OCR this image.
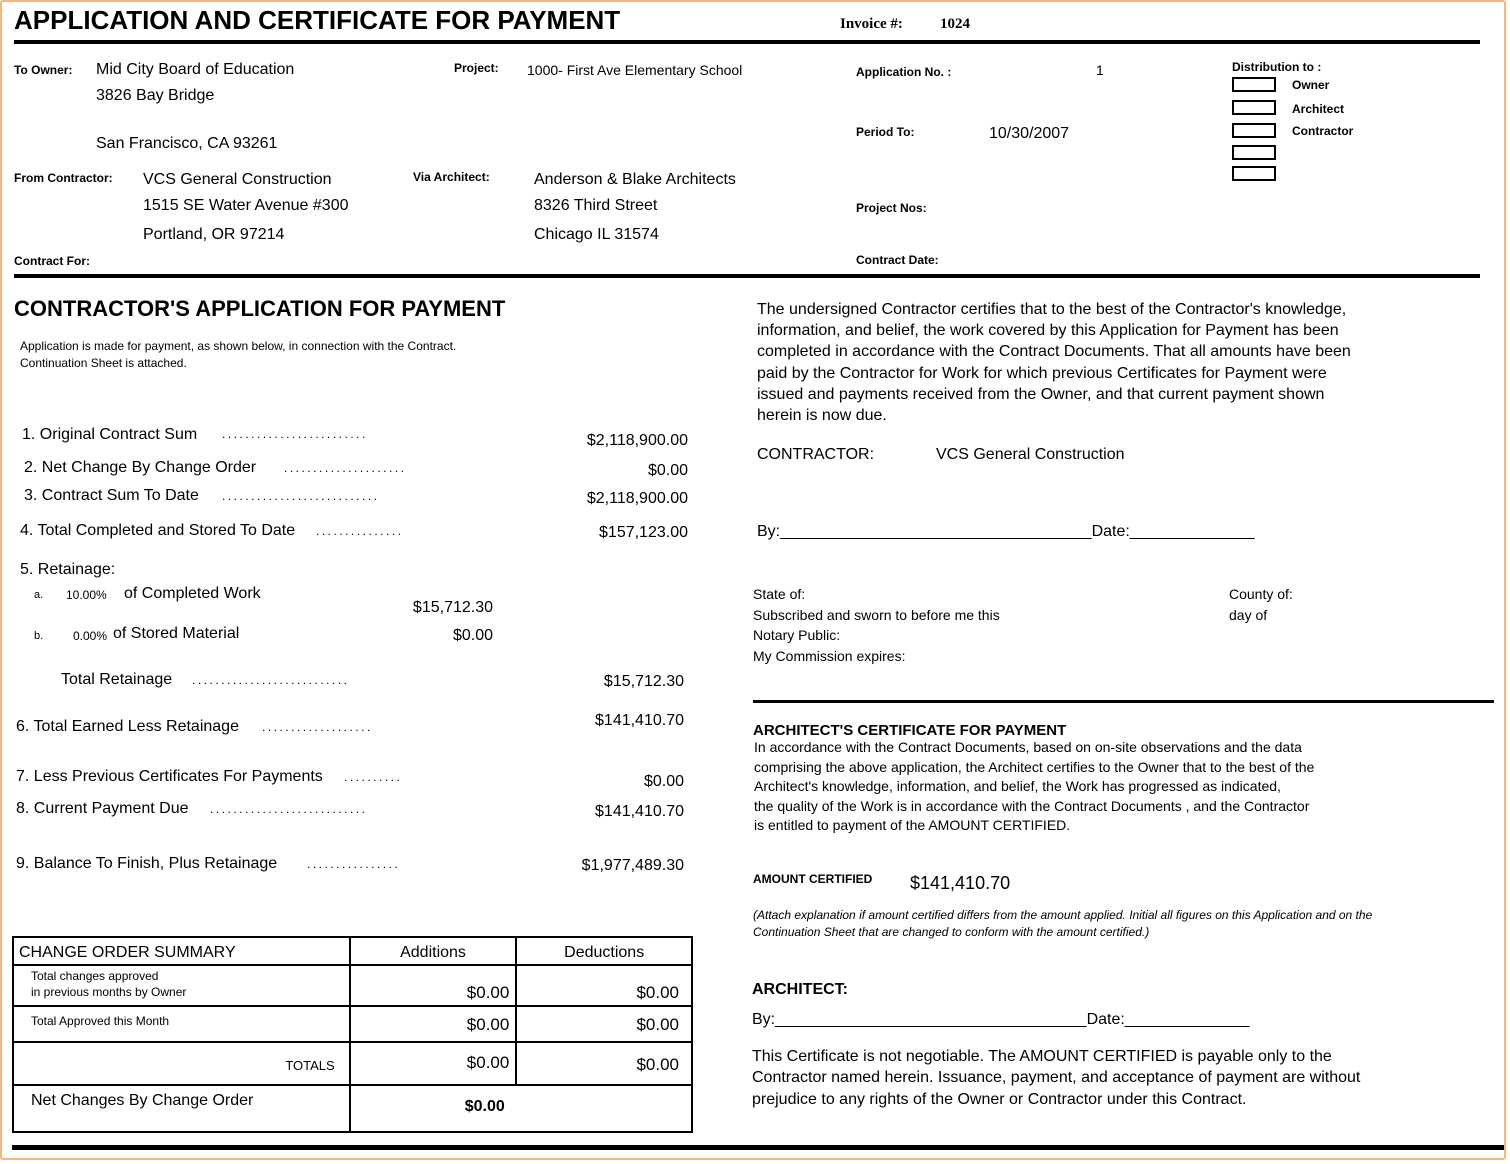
APPLICATION AND CERTIFICATE FOR PAYMENT	Invoice #: 1024
To Owner: Mid City Board of Education
3826 Bay Bridge
San Francisco, CA 93261
Project: 1000- First Ave Elementary School	Application No. :	1
Period To:	10/30/2007
Project Nos:
Contract Date:
Distribution to :
Owner
Architect
Contractor
From Contractor: VCS General Construction
1515 SE Water Avenue #300
Portland, OR 97214
Contract For:
Via Architect:	Anderson & Blake Architects
8326 Third Street
Chicago IL 31574
CONTRACTOR'S APPLICATION FOR PAYMENT
Application is made for payment, as shown below, in connection with the Contract.
Continuation Sheet is attached.
1. Original Contract Sum .........................	$2,118,900.00
2. Net Change By Change Order .....................	$0.00
3. Contract Sum To Date ...........................	$2,118,900.00
4. Total Completed and Stored To Date ...............	$157,123.00
5. Retainage:
a. 10.00% of Completed Work
$15,712.30
b. 0.00% of Stored Material	$0.00
Total Retainage ...........................	$15,712.30
6. Total Earned Less Retainage ...................	$141,410.70
7. Less Previous Certificates For Payments ..........	$0.00
8. Current Payment Due ...........................	$141,410.70
9. Balance To Finish, Plus Retainage ................	$1,977,489.30
CHANGE ORDER SUMMARY	Additions	Deductions

Total changes approved
in previous months by Owner	$0.00	$0.00

Total Approved this Month	$0.00	$0.00

TOTALS	$0.00	$0.00

Net Changes By Change Order	$0.00	
The undersigned Contractor certifies that to the best of the Contractor's knowledge,
information, and belief, the work covered by this Application for Payment has been
completed in accordance with the Contract Documents. That all amounts have been
paid by the Contractor for Work for which previous Certificates for Payment were
issued and payments received from the Owner, and that current payment shown
herein is now due.
CONTRACTOR:	VCS General Construction
By:___________________________________Date:______________
State of:	County of:
Subscribed and sworn to before me this	day of
Notary Public:
My Commission expires:
ARCHITECT'S CERTIFICATE FOR PAYMENT
In accordance with the Contract Documents, based on on-site observations and the data
comprising the above application, the Architect certifies to the Owner that to the best of the
Architect's knowledge, information, and belief, the Work has progressed as indicated,
the quality of the Work is in accordance with the Contract Documents , and the Contractor
is entitled to payment of the AMOUNT CERTIFIED.
AMOUNT CERTIFIED $141,410.70
(Attach explanation if amount certified differs from the amount applied. Initial all figures on this Application and on the
Continuation Sheet that are changed to conform with the amount certified.)
ARCHITECT:
By:___________________________________Date:______________
This Certificate is not negotiable. The AMOUNT CERTIFIED is payable only to the
Contractor named herein. Issuance, payment, and acceptance of payment are without
prejudice to any rights of the Owner or Contractor under this Contract.
